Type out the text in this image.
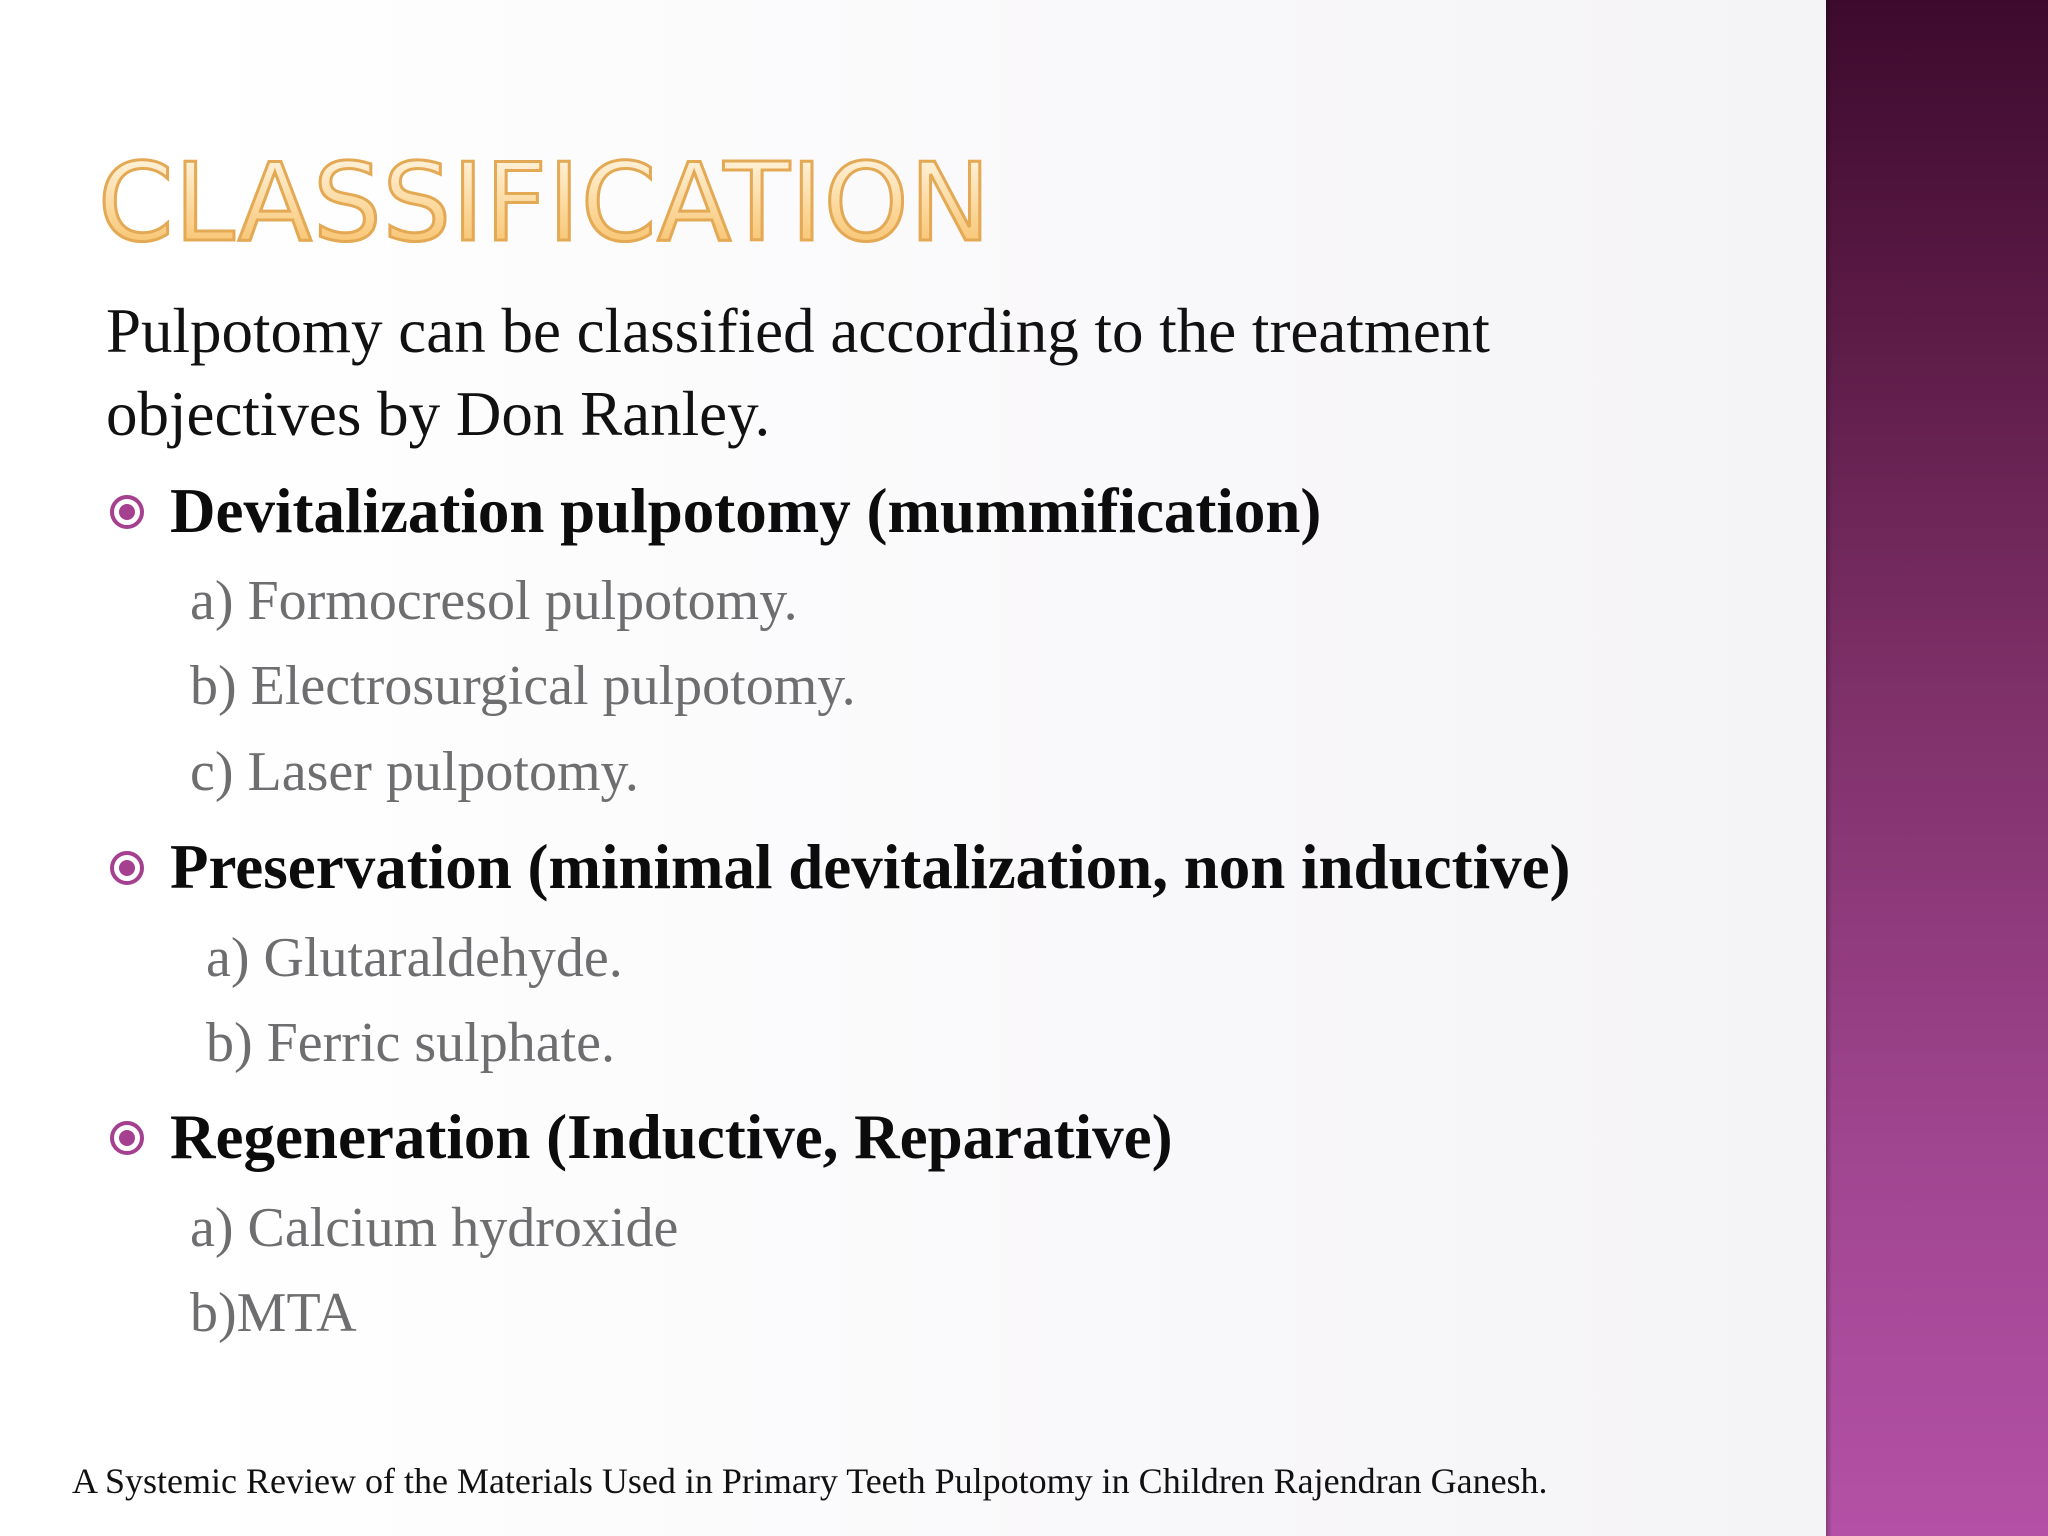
CLASSIFICATION

Pulpotomy can be classified according to the treatment objectives by Don Ranley.

Devitalization pulpotomy (mummification)
a) Formocresol pulpotomy.
b) Electrosurgical pulpotomy.
c) Laser pulpotomy.
Preservation (minimal devitalization, non inductive)
a) Glutaraldehyde.
b) Ferric sulphate.
Regeneration (Inductive, Reparative)
a) Calcium hydroxide
b)MTA
A Systemic Review of the Materials Used in Primary Teeth Pulpotomy in Children Rajendran Ganesh.
